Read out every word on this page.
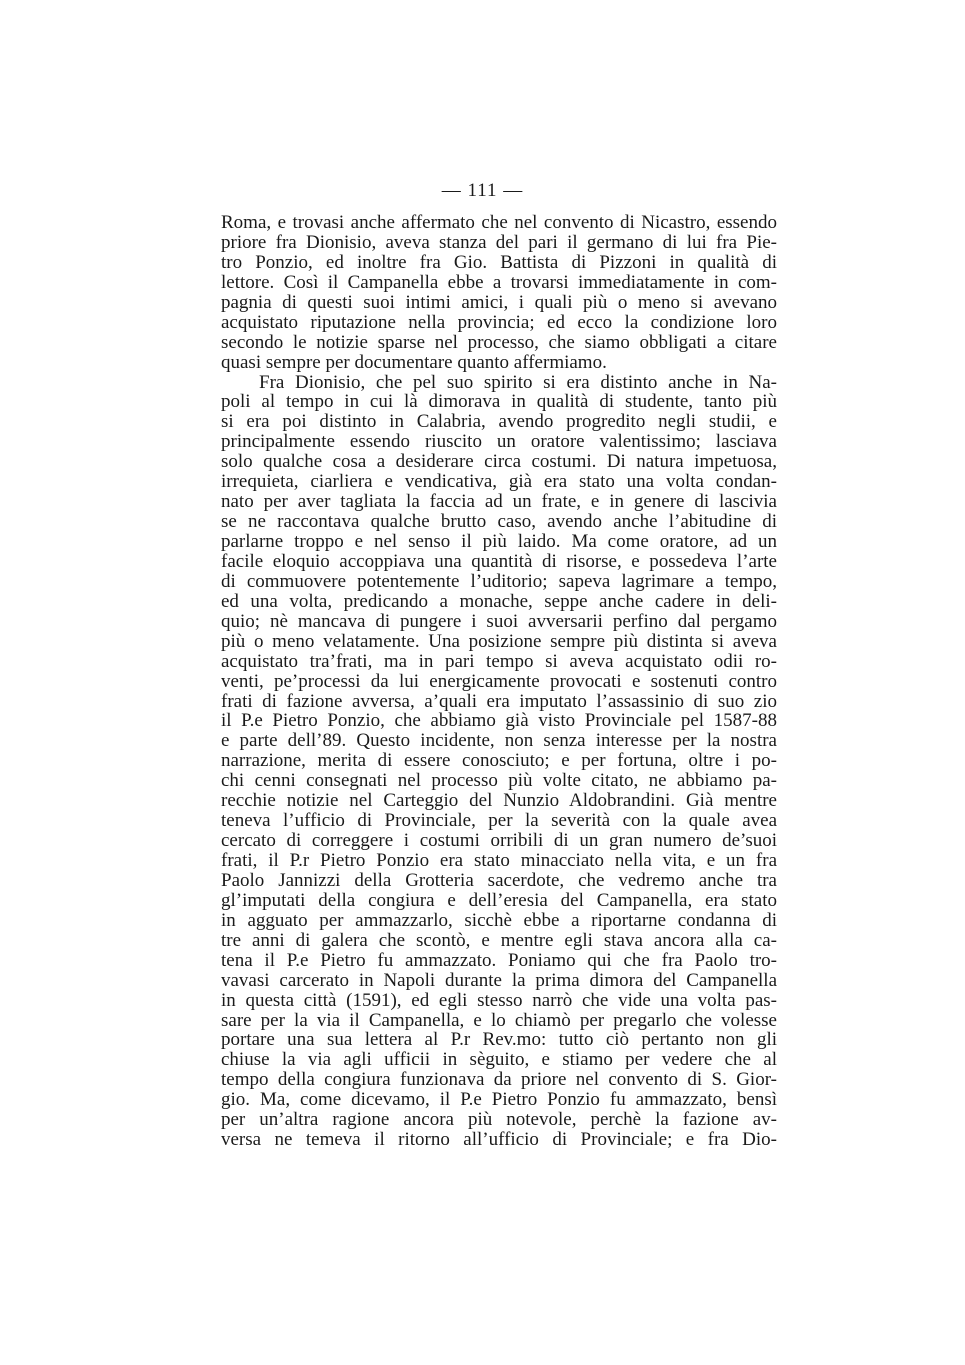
— 111 —
Roma, e trovasi anche affermato che nel convento di Nicastro, essendo
priore fra Dionisio, aveva stanza del pari il germano di lui fra Pie-
tro Ponzio, ed inoltre fra Gio. Battista di Pizzoni in qualità di
lettore. Così il Campanella ebbe a trovarsi immediatamente in com-
pagnia di questi suoi intimi amici, i quali più o meno si avevano
acquistato riputazione nella provincia; ed ecco la condizione loro
secondo le notizie sparse nel processo, che siamo obbligati a citare
quasi sempre per documentare quanto affermiamo.
Fra Dionisio, che pel suo spirito si era distinto anche in Na-
poli al tempo in cui là dimorava in qualità di studente, tanto più
si era poi distinto in Calabria, avendo progredito negli studii, e
principalmente essendo riuscito un oratore valentissimo; lasciava
solo qualche cosa a desiderare circa costumi. Di natura impetuosa,
irrequieta, ciarliera e vendicativa, già era stato una volta condan-
nato per aver tagliata la faccia ad un frate, e in genere di lascivia
se ne raccontava qualche brutto caso, avendo anche l’abitudine di
parlarne troppo e nel senso il più laido. Ma come oratore, ad un
facile eloquio accoppiava una quantità di risorse, e possedeva l’arte
di commuovere potentemente l’uditorio; sapeva lagrimare a tempo,
ed una volta, predicando a monache, seppe anche cadere in deli-
quio; nè mancava di pungere i suoi avversarii perfino dal pergamo
più o meno velatamente. Una posizione sempre più distinta si aveva
acquistato tra’frati, ma in pari tempo si aveva acquistato odii ro-
venti, pe’processi da lui energicamente provocati e sostenuti contro
frati di fazione avversa, a’quali era imputato l’assassinio di suo zio
il P.e Pietro Ponzio, che abbiamo già visto Provinciale pel 1587-88
e parte dell’89. Questo incidente, non senza interesse per la nostra
narrazione, merita di essere conosciuto; e per fortuna, oltre i po-
chi cenni consegnati nel processo più volte citato, ne abbiamo pa-
recchie notizie nel Carteggio del Nunzio Aldobrandini. Già mentre
teneva l’ufficio di Provinciale, per la severità con la quale avea
cercato di correggere i costumi orribili di un gran numero de’suoi
frati, il P.r Pietro Ponzio era stato minacciato nella vita, e un fra
Paolo Jannizzi della Grotteria sacerdote, che vedremo anche tra
gl’imputati della congiura e dell’eresia del Campanella, era stato
in agguato per ammazzarlo, sicchè ebbe a riportarne condanna di
tre anni di galera che scontò, e mentre egli stava ancora alla ca-
tena il P.e Pietro fu ammazzato. Poniamo qui che fra Paolo tro-
vavasi carcerato in Napoli durante la prima dimora del Campanella
in questa città (1591), ed egli stesso narrò che vide una volta pas-
sare per la via il Campanella, e lo chiamò per pregarlo che volesse
portare una sua lettera al P.r Rev.mo: tutto ciò pertanto non gli
chiuse la via agli ufficii in sèguito, e stiamo per vedere che al
tempo della congiura funzionava da priore nel convento di S. Gior-
gio. Ma, come dicevamo, il P.e Pietro Ponzio fu ammazzato, bensì
per un’altra ragione ancora più notevole, perchè la fazione av-
versa ne temeva il ritorno all’ufficio di Provinciale; e fra Dio-
